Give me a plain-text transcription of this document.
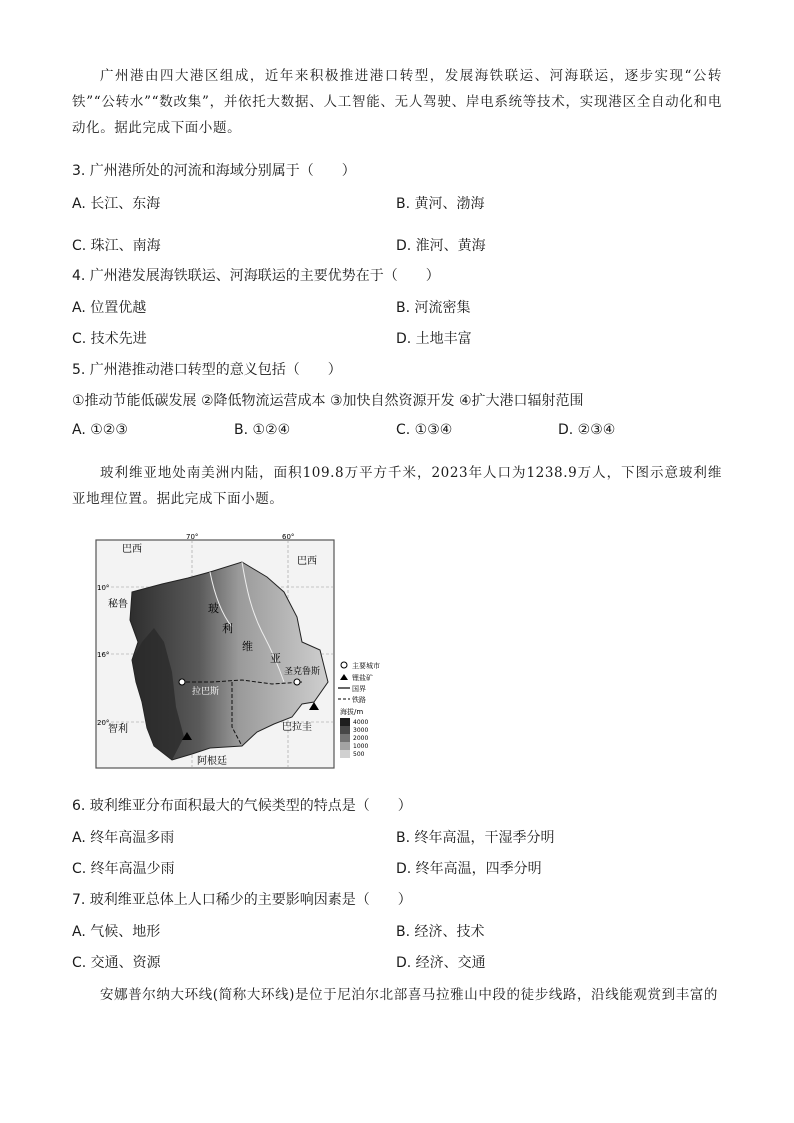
广州港由四大港区组成，近年来积极推进港口转型，发展海铁联运、河海联运，逐步实现“公转铁”“公转水”“数改集”，并依托大数据、人工智能、无人驾驶、岸电系统等技术，实现港区全自动化和电动化。据此完成下面小题。
3. 广州港所处的河流和海域分别属于（　　）
A. 长江、东海	B. 黄河、渤海
C. 珠江、南海	D. 淮河、黄海
4. 广州港发展海铁联运、河海联运的主要优势在于（　　）
A. 位置优越	B. 河流密集
C. 技术先进	D. 土地丰富
5. 广州港推动港口转型的意义包括（　　）
①推动节能低碳发展 ②降低物流运营成本 ③加快自然资源开发 ④扩大港口辐射范围
A. ①②③	B. ①②④	C. ①③④	D. ②③④
玻利维亚地处南美洲内陆，面积109.8万平方千米，2023年人口为1238.9万人，下图示意玻利维亚地理位置。据此完成下面小题。
巴西
巴西
秘鲁
智利
阿根廷
巴拉圭
拉巴斯
圣克鲁斯
玻
利
维
亚
10°
16°
20°
70°	60°
主要城市
锂盐矿
国界
铁路
海拔/m
4000
3000
2000
1000
500
6. 玻利维亚分布面积最大的气候类型的特点是（　　）
A. 终年高温多雨	B. 终年高温，干湿季分明
C. 终年高温少雨	D. 终年高温，四季分明
7. 玻利维亚总体上人口稀少的主要影响因素是（　　）
A. 气候、地形	B. 经济、技术
C. 交通、资源	D. 经济、交通
安娜普尔纳大环线(简称大环线)是位于尼泊尔北部喜马拉雅山中段的徒步线路，沿线能观赏到丰富的
